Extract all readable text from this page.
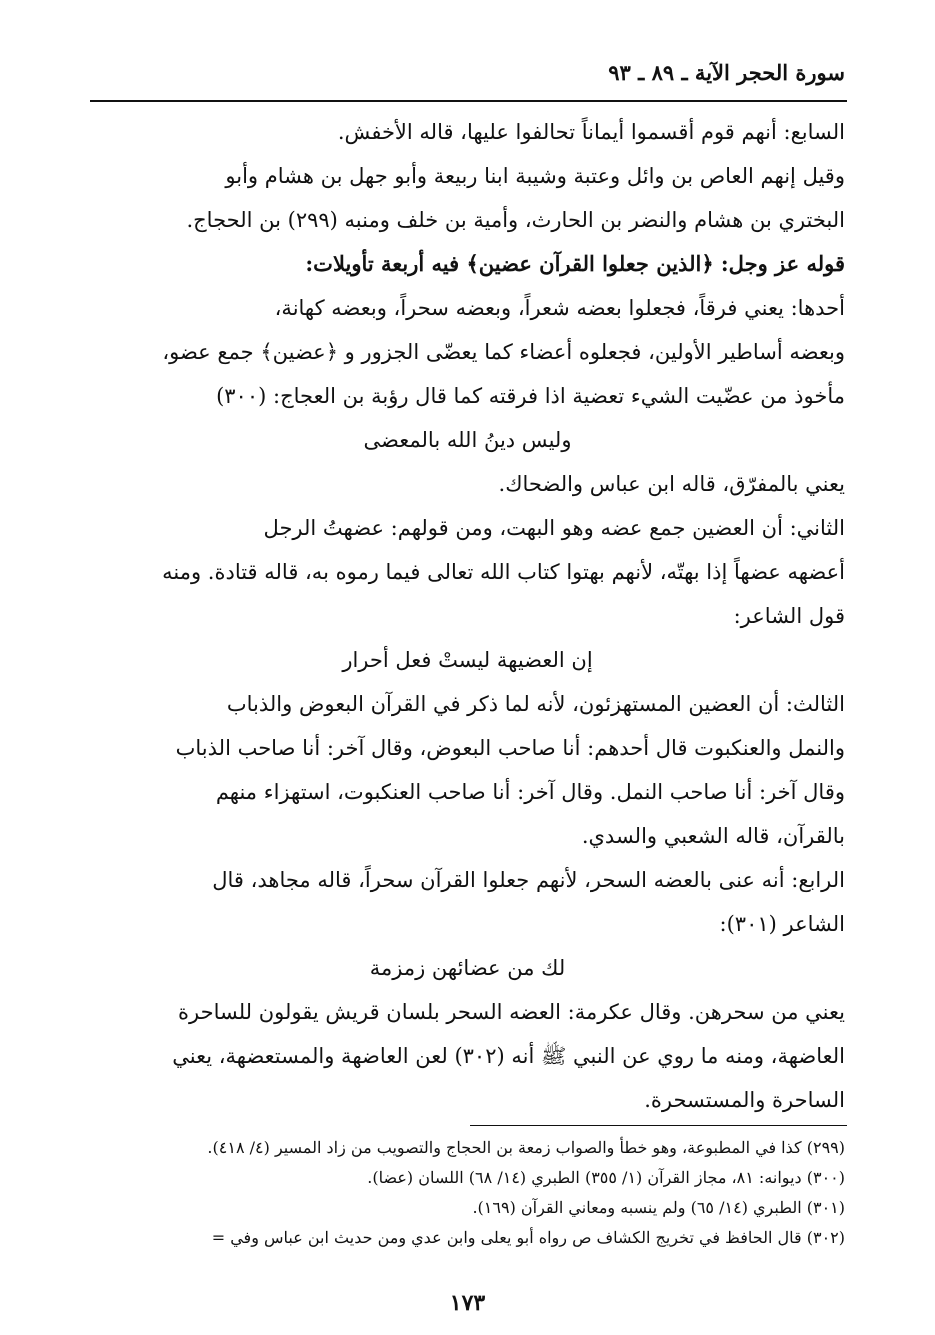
سورة الحجر الآية ـ ٨٩ ـ ٩٣
السابع: أنهم قوم أقسموا أيماناً تحالفوا عليها، قاله الأخفش.
وقيل إنهم العاص بن وائل وعتبة وشيبة ابنا ربيعة وأبو جهل بن هشام وأبو
البختري بن هشام والنضر بن الحارث، وأمية بن خلف ومنبه (٢٩٩) بن الحجاج.
قوله عز وجل: ﴿الذين جعلوا القرآن عضين﴾ فيه أربعة تأويلات:
أحدها: يعني فرقاً، فجعلوا بعضه شعراً، وبعضه سحراً، وبعضه كهانة،
وبعضه أساطير الأولين، فجعلوه أعضاء كما يعضّى الجزور و ﴿عضين﴾ جمع عضو،
مأخوذ من عضّيت الشيء تعضية اذا فرقته كما قال رؤبة بن العجاج: (٣٠٠)
وليس دينُ الله بالمعضى
يعني بالمفرّق، قاله ابن عباس والضحاك.
الثاني: أن العضين جمع عضه وهو البهت، ومن قولهم: عضهتُ الرجل
أعضهه عضهاً إذا بهتّه، لأنهم بهتوا كتاب الله تعالى فيما رموه به، قاله قتادة. ومنه
قول الشاعر:
إن العضيهة ليستْ فعل أحرار
الثالث: أن العضين المستهزئون، لأنه لما ذكر في القرآن البعوض والذباب
والنمل والعنكبوت قال أحدهم: أنا صاحب البعوض، وقال آخر: أنا صاحب الذباب
وقال آخر: أنا صاحب النمل. وقال آخر: أنا صاحب العنكبوت، استهزاء منهم
بالقرآن، قاله الشعبي والسدي.
الرابع: أنه عنى بالعضه السحر، لأنهم جعلوا القرآن سحراً، قاله مجاهد، قال
الشاعر (٣٠١):
لك من عضائهن زمزمة
يعني من سحرهن. وقال عكرمة: العضه السحر بلسان قريش يقولون للساحرة
العاضهة، ومنه ما روي عن النبي ﷺ أنه (٣٠٢) لعن العاضهة والمستعضهة، يعني
الساحرة والمستسحرة.
(٢٩٩) كذا في المطبوعة، وهو خطأ والصواب زمعة بن الحجاج والتصويب من زاد المسير (٤/ ٤١٨).
(٣٠٠) ديوانه: ٨١، مجاز القرآن (١/ ٣٥٥) الطبري (١٤/ ٦٨) اللسان (عضا).
(٣٠١) الطبري (١٤/ ٦٥) ولم ينسبه ومعاني القرآن (١٦٩).
(٣٠٢) قال الحافظ في تخريج الكشاف ص رواه أبو يعلى وابن عدي ومن حديث ابن عباس وفي =
١٧٣
